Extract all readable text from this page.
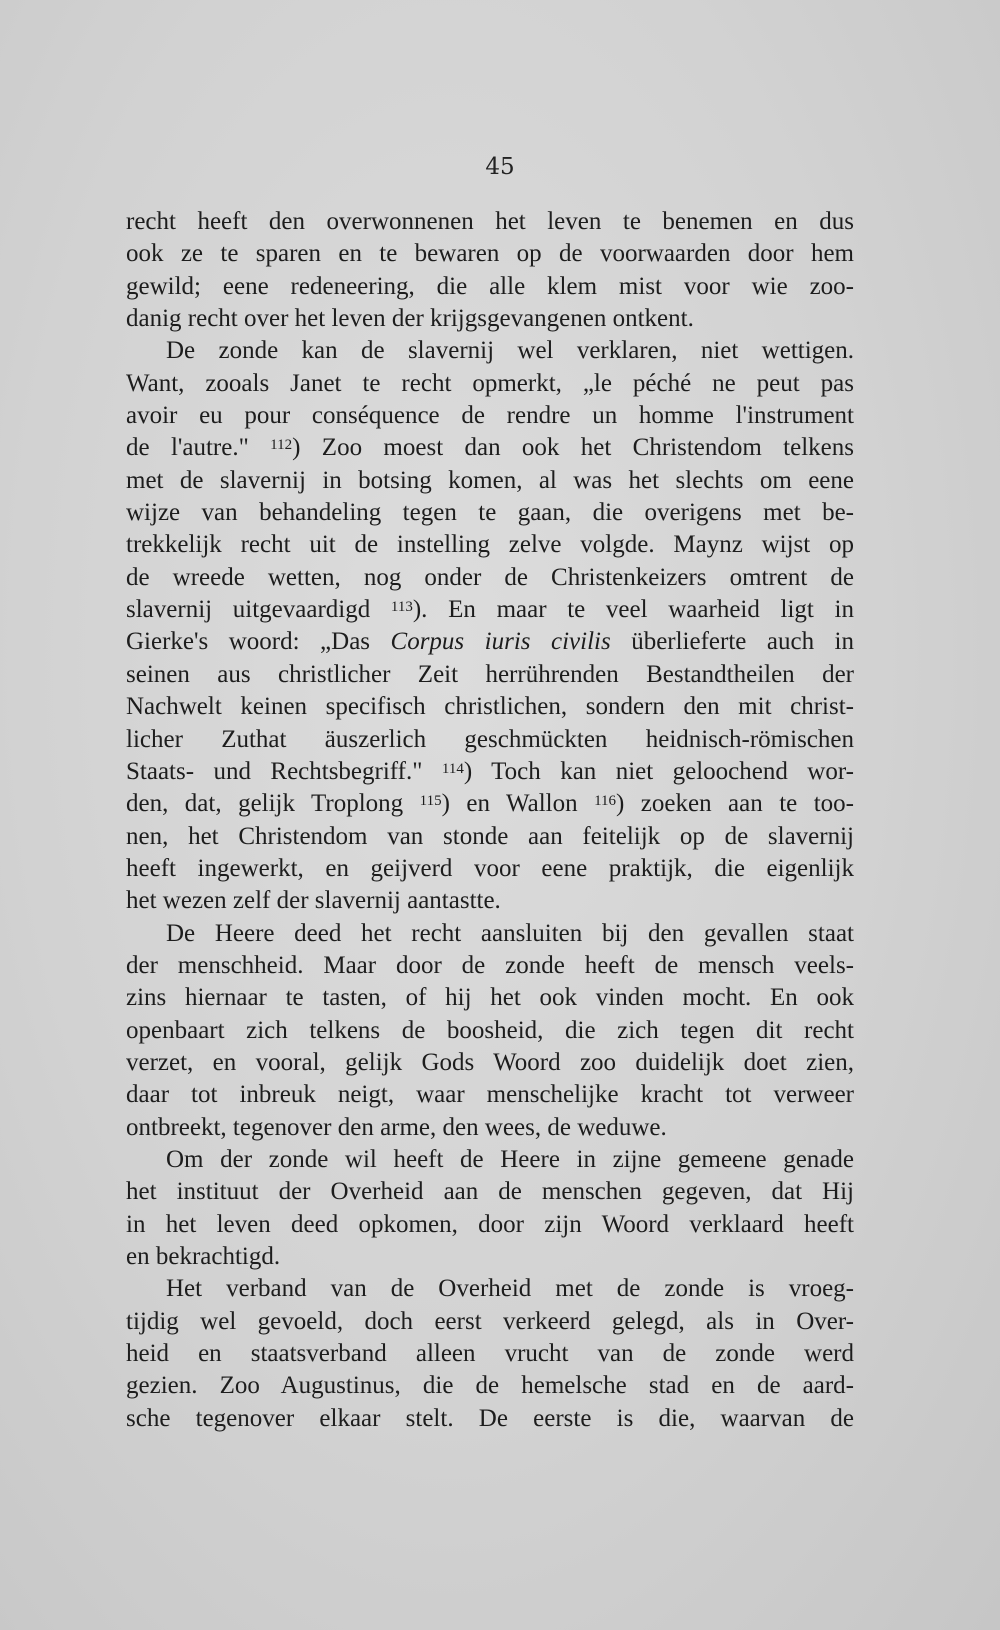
45
recht heeft den overwonnenen het leven te benemen en dus
ook ze te sparen en te bewaren op de voorwaarden door hem
gewild; eene redeneering, die alle klem mist voor wie zoo-
danig recht over het leven der krijgsgevangenen ontkent.
De zonde kan de slavernij wel verklaren, niet wettigen.
Want, zooals Janet te recht opmerkt, „le péché ne peut pas
avoir eu pour conséquence de rendre un homme l'instrument
de l'autre." $^{112}$) Zoo moest dan ook het Christendom telkens
met de slavernij in botsing komen, al was het slechts om eene
wijze van behandeling tegen te gaan, die overigens met be-
trekkelijk recht uit de instelling zelve volgde. Maynz wijst op
de wreede wetten, nog onder de Christenkeizers omtrent de
slavernij uitgevaardigd $^{113}$). En maar te veel waarheid ligt in
Gierke's woord: „Das Corpus iuris civilis überlieferte auch in
seinen aus christlicher Zeit herrührenden Bestandtheilen der
Nachwelt keinen specifisch christlichen, sondern den mit christ-
licher Zuthat äuszerlich geschmückten heidnisch-römischen
Staats- und Rechtsbegriff." $^{114}$) Toch kan niet geloochend wor-
den, dat, gelijk Troplong $^{115}$) en Wallon $^{116}$) zoeken aan te too-
nen, het Christendom van stonde aan feitelijk op de slavernij
heeft ingewerkt, en geijverd voor eene praktijk, die eigenlijk
het wezen zelf der slavernij aantastte.
De Heere deed het recht aansluiten bij den gevallen staat
der menschheid. Maar door de zonde heeft de mensch veels-
zins hiernaar te tasten, of hij het ook vinden mocht. En ook
openbaart zich telkens de boosheid, die zich tegen dit recht
verzet, en vooral, gelijk Gods Woord zoo duidelijk doet zien,
daar tot inbreuk neigt, waar menschelijke kracht tot verweer
ontbreekt, tegenover den arme, den wees, de weduwe.
Om der zonde wil heeft de Heere in zijne gemeene genade
het instituut der Overheid aan de menschen gegeven, dat Hij
in het leven deed opkomen, door zijn Woord verklaard heeft
en bekrachtigd.
Het verband van de Overheid met de zonde is vroeg-
tijdig wel gevoeld, doch eerst verkeerd gelegd, als in Over-
heid en staatsverband alleen vrucht van de zonde werd
gezien. Zoo Augustinus, die de hemelsche stad en de aard-
sche tegenover elkaar stelt. De eerste is die, waarvan de
